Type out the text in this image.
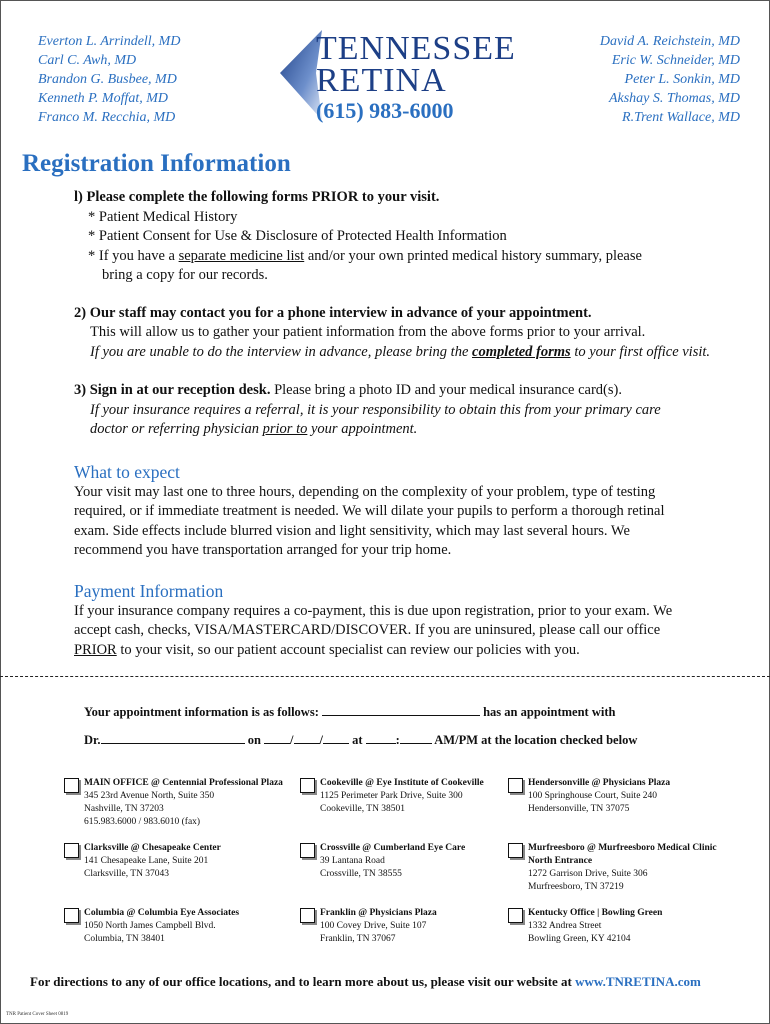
Everton L. Arrindell, MD
Carl C. Awh, MD
Brandon G. Busbee, MD
Kenneth P. Moffat, MD
Franco M. Recchia, MD
TENNESSEE
RETINA
(615) 983-6000
David A. Reichstein, MD
Eric W. Schneider, MD
Peter L. Sonkin, MD
Akshay S. Thomas, MD
R.Trent Wallace, MD
Registration Information
l) Please complete the following forms PRIOR to your visit.
* Patient Medical History
* Patient Consent for Use & Disclosure of Protected Health Information
* If you have a separate medicine list and/or your own printed medical history summary, please
bring a copy for our records.
2) Our staff may contact you for a phone interview in advance of your appointment.
This will allow us to gather your patient information from the above forms prior to your arrival.
If you are unable to do the interview in advance, please bring the completed forms to your first office visit.
3) Sign in at our reception desk. Please bring a photo ID and your medical insurance card(s).
If your insurance requires a referral, it is your responsibility to obtain this from your primary care
doctor or referring physician prior to your appointment.
What to expect
Your visit may last one to three hours, depending on the complexity of your problem, type of testing
required, or if immediate treatment is needed. We will dilate your pupils to perform a thorough retinal
exam. Side effects include blurred vision and light sensitivity, which may last several hours. We
recommend you have transportation arranged for your trip home.
Payment Information
If your insurance company requires a co-payment, this is due upon registration, prior to your exam. We
accept cash, checks, VISA/MASTERCARD/DISCOVER. If you are uninsured, please call our office
PRIOR to your visit, so our patient account specialist can review our policies with you.
Your appointment information is as follows:	has an appointment with
Dr.	on / / at	:	AM/PM at the location checked below
MAIN OFFICE @ Centennial Professional Plaza
345 23rd Avenue North, Suite 350
Nashville, TN 37203
615.983.6000 / 983.6010 (fax)
Cookeville @ Eye Institute of Cookeville
1125 Perimeter Park Drive, Suite 300
Cookeville, TN 38501
Hendersonville @ Physicians Plaza
100 Springhouse Court, Suite 240
Hendersonville, TN 37075
Clarksville @ Chesapeake Center
141 Chesapeake Lane, Suite 201
Clarksville, TN 37043
Crossville @ Cumberland Eye Care
39 Lantana Road
Crossville, TN 38555
Murfreesboro @ Murfreesboro Medical Clinic
North Entrance
1272 Garrison Drive, Suite 306
Murfreesboro, TN 37219
Columbia @ Columbia Eye Associates
1050 North James Campbell Blvd.
Columbia, TN 38401
Franklin @ Physicians Plaza
100 Covey Drive, Suite 107
Franklin, TN 37067
Kentucky Office | Bowling Green
1332 Andrea Street
Bowling Green, KY 42104
For directions to any of our office locations, and to learn more about us, please visit our website at www.TNRETINA.com
TNR Patient Cover Sheet 0819
